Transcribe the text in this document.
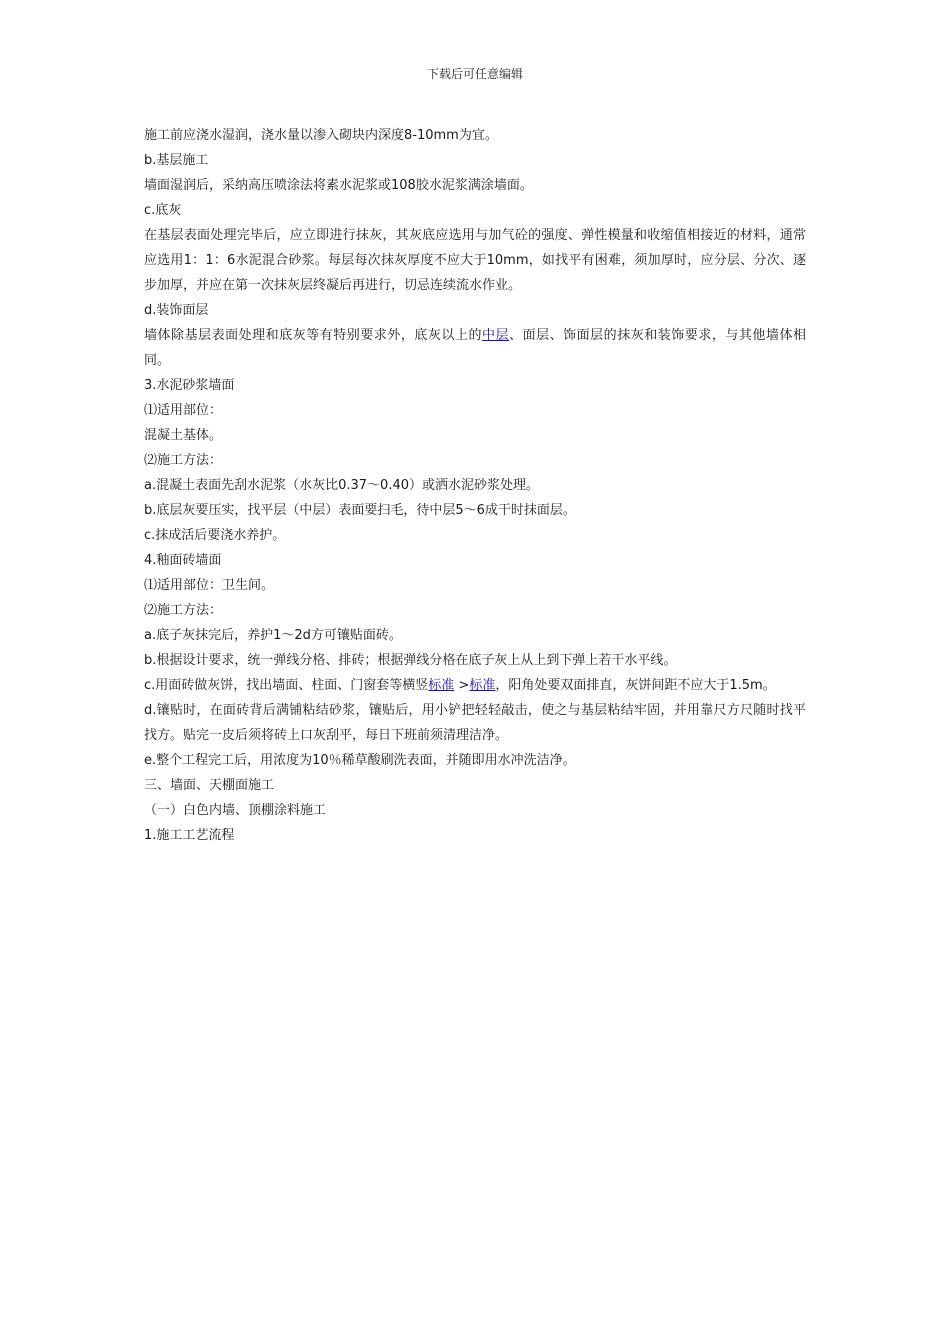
下载后可任意编辑

施工前应浇水湿润，浇水量以渗入砌块内深度8-10mm为宜。

b.基层施工

墙面湿润后，采纳高压喷涂法将素水泥浆或108胶水泥浆满涂墙面。

c.底灰

在基层表面处理完毕后，应立即进行抹灰，其灰底应选用与加气砼的强度、弹性模量和收缩值相接近的材料，通常应选用1：1：6水泥混合砂浆。每层每次抹灰厚度不应大于10mm，如找平有困难，须加厚时，应分层、分次、逐步加厚，并应在第一次抹灰层终凝后再进行，切忌连续流水作业。

d.装饰面层

墙体除基层表面处理和底灰等有特别要求外，底灰以上的中层、面层、饰面层的抹灰和装饰要求，与其他墙体相同。

3.水泥砂浆墙面

⑴适用部位：

混凝土基体。

⑵施工方法：

a.混凝土表面先刮水泥浆（水灰比0.37～0.40）或洒水泥砂浆处理。

b.底层灰要压实，找平层（中层）表面要扫毛，待中层5～6成干时抹面层。

c.抹成活后要浇水养护。

4.釉面砖墙面

⑴适用部位：卫生间。

⑵施工方法：

a.底子灰抹完后，养护1～2d方可镶贴面砖。

b.根据设计要求，统一弹线分格、排砖；根据弹线分格在底子灰上从上到下弹上若干水平线。

c.用面砖做灰饼，找出墙面、柱面、门窗套等横竖标准 >标准，阳角处要双面排直，灰饼间距不应大于1.5m。

d.镶贴时，在面砖背后满铺粘结砂浆，镶贴后，用小铲把轻轻敲击，使之与基层粘结牢固，并用靠尺方尺随时找平找方。贴完一皮后须将砖上口灰刮平，每日下班前须清理洁净。

e.整个工程完工后，用浓度为10％稀草酸刷洗表面，并随即用水冲洗洁净。

三、墙面、天棚面施工

（一）白色内墙、顶棚涂料施工

1.施工工艺流程
